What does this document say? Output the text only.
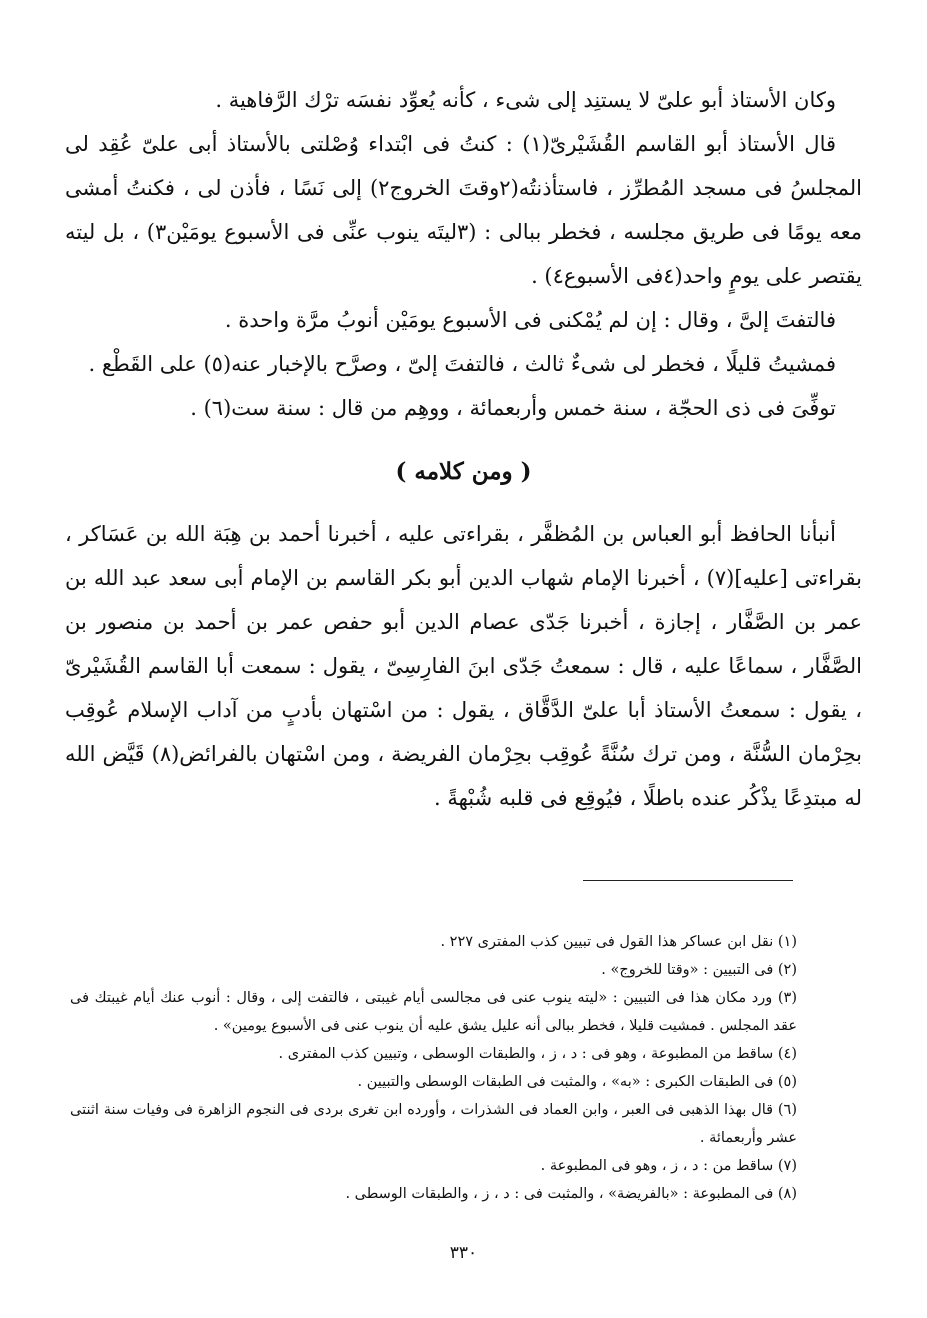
وكان الأستاذ أبو علىّ لا يستنِد إلى شىء ، كأنه يُعوِّد نفسَه ترْك الرَّفاهية .

قال الأستاذ أبو القاسم القُشَيْرىّ(١) : كنتُ فى ابْتداء وُصْلتى بالأستاذ أبى علىّ عُقِد لى المجلسُ فى مسجد المُطرِّز ، فاستأذنتُه(٢وقتَ الخروج٢) إلى نَسًا ، فأذن لى ، فكنتُ أمشى معه يومًا فى طريق مجلسه ، فخطر ببالى : (٣ليتَه ينوب عنِّى فى الأسبوع يومَيْن٣) ، بل ليته يقتصر على يومٍ واحد(٤فى الأسبوع٤) .

فالتفتَ إلىَّ ، وقال : إن لم يُمْكنى فى الأسبوع يومَيْن أنوبُ مرَّة واحدة .

فمشيتُ قليلًا ، فخطر لى شىءٌ ثالث ، فالتفتَ إلىّ ، وصرَّح بالإخبار عنه(٥) على القَطْع .

توفِّىَ فى ذى الحجّة ، سنة خمس وأربعمائة ، ووهِم من قال : سنة ست(٦) .

( ومن كلامه )

أنبأنا الحافظ أبو العباس بن المُظفَّر ، بقراءتى عليه ، أخبرنا أحمد بن هِبَة الله بن عَسَاكر ، بقراءتى [عليه](٧) ، أخبرنا الإمام شهاب الدين أبو بكر القاسم بن الإمام أبى سعد عبد الله بن عمر بن الصَّفَّار ، إجازة ، أخبرنا جَدّى عصام الدين أبو حفص عمر بن أحمد بن منصور بن الصَّفَّار ، سماعًا عليه ، قال : سمعتُ جَدّى ابنَ الفارِسِىّ ، يقول : سمعت أبا القاسم القُشَيْرىّ ، يقول : سمعتُ الأستاذ أبا علىّ الدَّقَّاق ، يقول : من اسْتهان بأدبٍ من آداب الإسلام عُوقِب بحِرْمان السُّنَّة ، ومن ترك سُنَّةً عُوقِب بحِرْمان الفريضة ، ومن اسْتهان بالفرائض(٨) قَيَّض الله له مبتدِعًا يذْكُر عنده باطلًا ، فيُوقِع فى قلبه شُبْهةً .

(١) نقل ابن عساكر هذا القول فى تبيين كذب المفترى ٢٢٧ .

(٢) فى التبيين : «وقتا للخروج» .

(٣) ورد مكان هذا فى التبيين : «ليته ينوب عنى فى مجالسى أيام غيبتى ، فالتفت إلى ، وقال : أنوب عنك أيام غيبتك فى عقد المجلس . فمشيت قليلا ، فخطر ببالى أنه عليل يشق عليه أن ينوب عنى فى الأسبوع يومين» .

(٤) ساقط من المطبوعة ، وهو فى : د ، ز ، والطبقات الوسطى ، وتبيين كذب المفترى .

(٥) فى الطبقات الكبرى : «به» ، والمثبت فى الطبقات الوسطى والتبيين .

(٦) قال بهذا الذهبى فى العبر ، وابن العماد فى الشذرات ، وأورده ابن تغرى بردى فى النجوم الزاهرة فى وفيات سنة اثنتى عشر وأربعمائة .

(٧) ساقط من : د ، ز ، وهو فى المطبوعة .

(٨) فى المطبوعة : «بالفريضة» ، والمثبت فى : د ، ز ، والطبقات الوسطى .

٣٣٠
